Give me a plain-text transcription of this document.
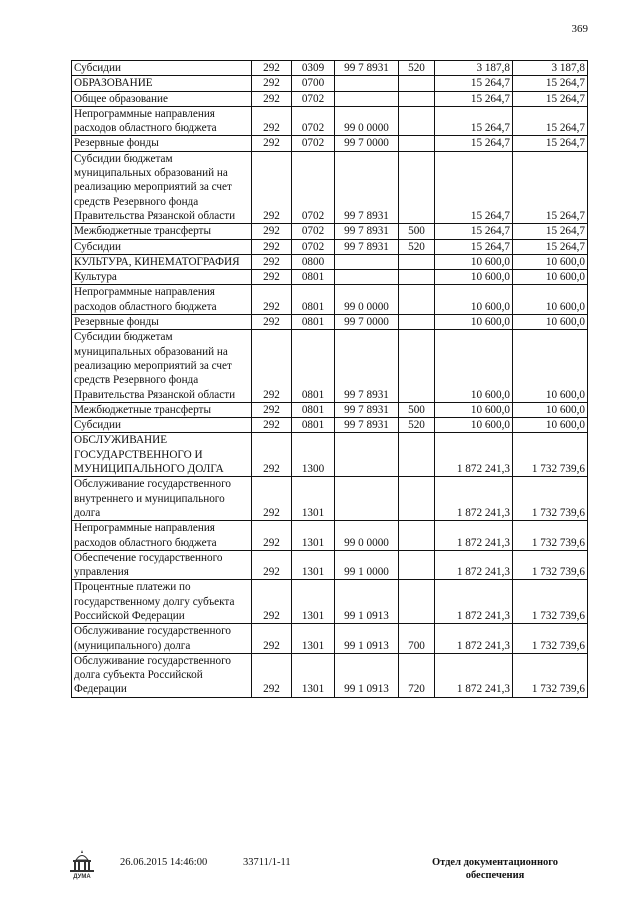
369
Субсидии	292	0309	99 7 8931	520	3 187,8	3 187,8
ОБРАЗОВАНИЕ	292	0700			15 264,7	15 264,7
Общее образование	292	0702			15 264,7	15 264,7
Непрограммные направления расходов областного бюджета	292	0702	99 0 0000		15 264,7	15 264,7
Резервные фонды	292	0702	99 7 0000		15 264,7	15 264,7
Субсидии бюджетам муниципальных образований на реализацию мероприятий за счет средств Резервного фонда Правительства Рязанской области	292	0702	99 7 8931		15 264,7	15 264,7
Межбюджетные трансферты	292	0702	99 7 8931	500	15 264,7	15 264,7
Субсидии	292	0702	99 7 8931	520	15 264,7	15 264,7
КУЛЬТУРА, КИНЕМАТОГРАФИЯ	292	0800			10 600,0	10 600,0
Культура	292	0801			10 600,0	10 600,0
Непрограммные направления расходов областного бюджета	292	0801	99 0 0000		10 600,0	10 600,0
Резервные фонды	292	0801	99 7 0000		10 600,0	10 600,0
Субсидии бюджетам муниципальных образований на реализацию мероприятий за счет средств Резервного фонда Правительства Рязанской области	292	0801	99 7 8931		10 600,0	10 600,0
Межбюджетные трансферты	292	0801	99 7 8931	500	10 600,0	10 600,0
Субсидии	292	0801	99 7 8931	520	10 600,0	10 600,0
ОБСЛУЖИВАНИЕ ГОСУДАРСТВЕННОГО И МУНИЦИПАЛЬНОГО ДОЛГА	292	1300			1 872 241,3	1 732 739,6
Обслуживание государственного внутреннего и муниципального долга	292	1301			1 872 241,3	1 732 739,6
Непрограммные направления расходов областного бюджета	292	1301	99 0 0000		1 872 241,3	1 732 739,6
Обеспечение государственного управления	292	1301	99 1 0000		1 872 241,3	1 732 739,6
Процентные платежи по государственному долгу субъекта Российской Федерации	292	1301	99 1 0913		1 872 241,3	1 732 739,6
Обслуживание государственного (муниципального) долга	292	1301	99 1 0913	700	1 872 241,3	1 732 739,6
Обслуживание государственного долга субъекта Российской Федерации	292	1301	99 1 0913	720	1 872 241,3	1 732 739,6
ДУМА
26.06.2015 14:46:00	33711/1-11	Отдел документационного обеспечения
